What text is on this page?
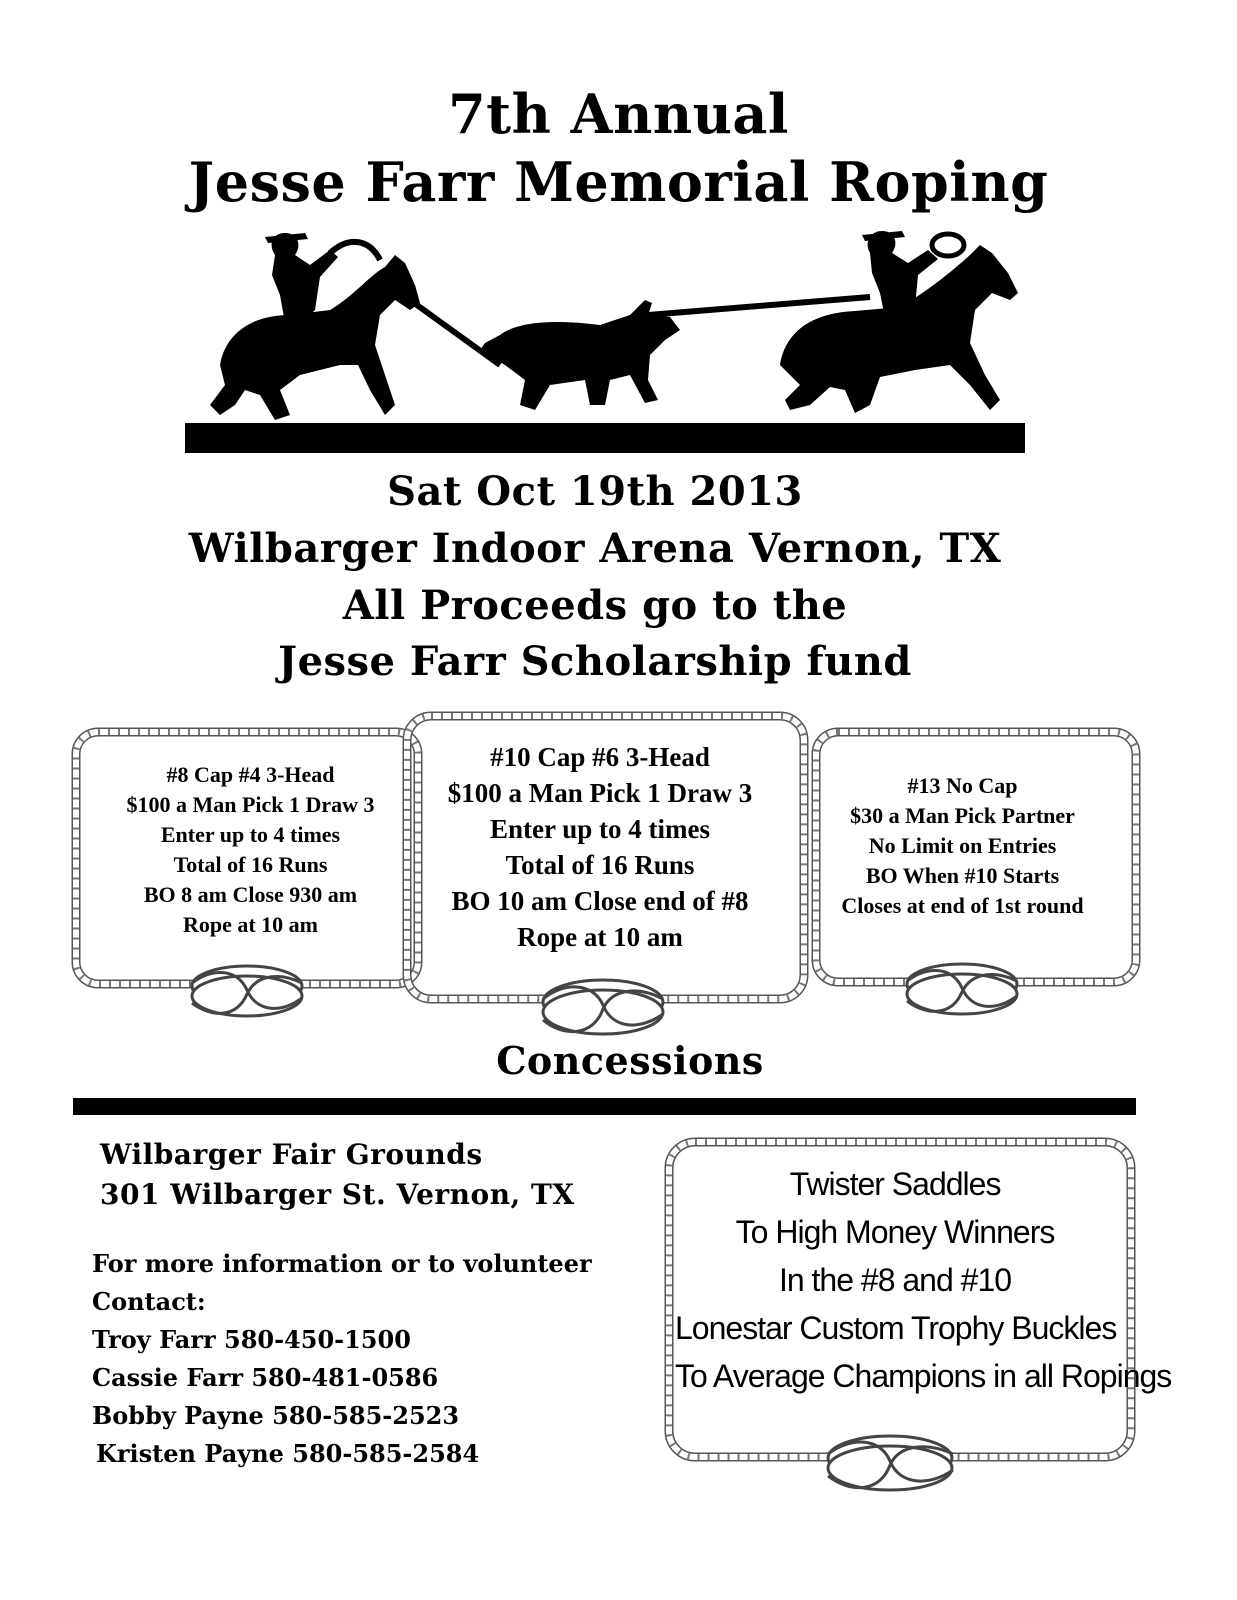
7th Annual
Jesse Farr Memorial Roping
Sat Oct 19th 2013
Wilbarger Indoor Arena Vernon, TX
All Proceeds go to the
Jesse Farr Scholarship fund
#8 Cap #4 3-Head
$100 a Man Pick 1 Draw 3
Enter up to 4 times
Total of 16 Runs
BO 8 am Close 930 am
Rope at 10 am
#10 Cap #6 3-Head
$100 a Man Pick 1 Draw 3
Enter up to 4 times
Total of 16 Runs
BO 10 am Close end of #8
Rope at 10 am
#13 No Cap
$30 a Man Pick Partner
No Limit on Entries
BO When #10 Starts
Closes at end of 1st round
Concessions
Wilbarger Fair Grounds
301 Wilbarger St. Vernon, TX
For more information or to volunteer
Contact:
Troy Farr 580-450-1500
Cassie Farr 580-481-0586
Bobby Payne 580-585-2523
Kristen Payne 580-585-2584
Twister Saddles
To High Money Winners
In the #8 and #10
Lonestar Custom Trophy Buckles
To Average Champions in all Ropings
